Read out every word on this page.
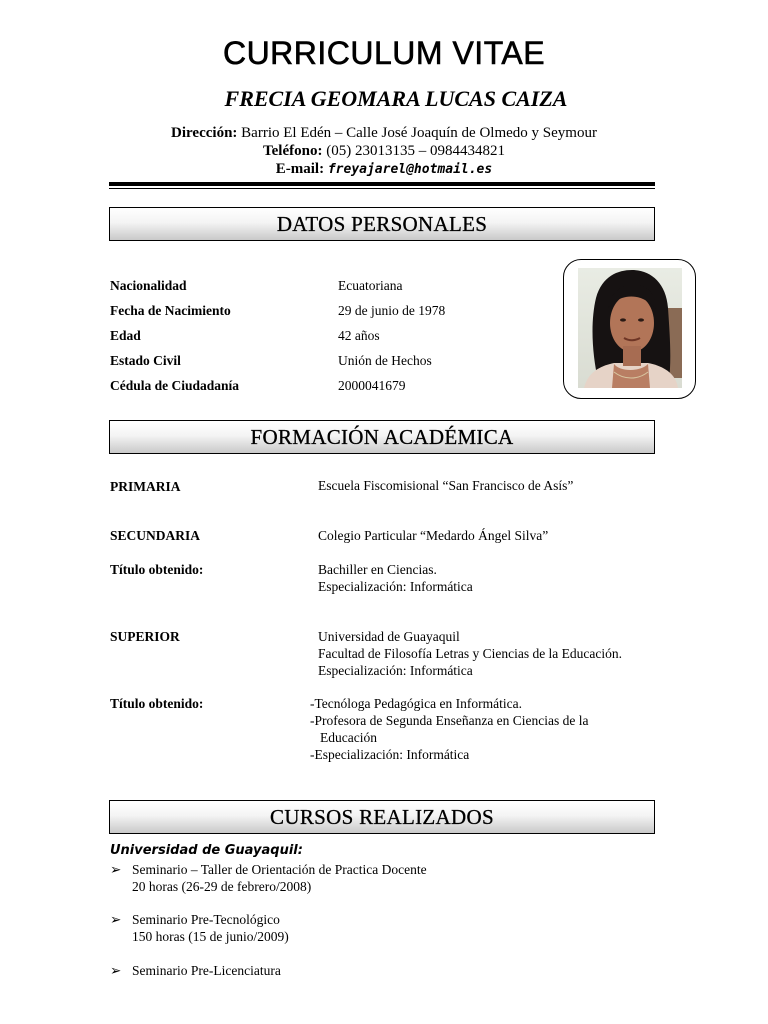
CURRICULUM VITAE
FRECIA GEOMARA LUCAS CAIZA
Dirección: Barrio El Edén – Calle José Joaquín de Olmedo y Seymour
Teléfono: (05) 23013135 – 0984434821
E-mail: freyajarel@hotmail.es
DATOS PERSONALES
Nacionalidad	Ecuatoriana
Fecha de Nacimiento	29 de junio de 1978
Edad	42 años
Estado Civil	Unión de Hechos
Cédula de Ciudadanía	2000041679
FORMACIÓN ACADÉMICA
PRIMARIA	Escuela Fiscomisional “San Francisco de Asís”
SECUNDARIA	Colegio Particular “Medardo Ángel Silva”
Título obtenido:	Bachiller en Ciencias.
Especialización: Informática
SUPERIOR	Universidad de Guayaquil
Facultad de Filosofía Letras y Ciencias de la Educación.
Especialización: Informática
Título obtenido:	-Tecnóloga Pedagógica en Informática.
-Profesora de Segunda Enseñanza en Ciencias de la
Educación
-Especialización: Informática
CURSOS REALIZADOS
Universidad de Guayaquil:
➢ Seminario – Taller de Orientación de Practica Docente
20 horas (26-29 de febrero/2008)
➢ Seminario Pre-Tecnológico
150 horas (15 de junio/2009)
➢ Seminario Pre-Licenciatura
